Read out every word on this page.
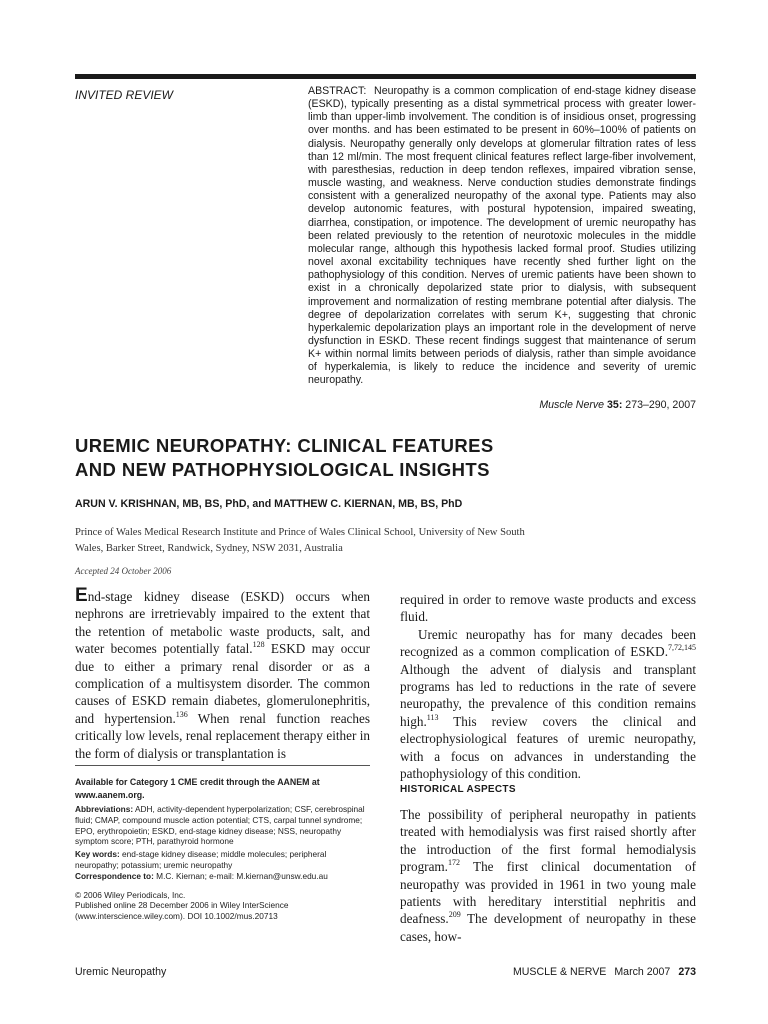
INVITED REVIEW	ABSTRACT: Neuropathy is a common complication of end-stage kidney disease (ESKD), typically presenting as a distal symmetrical process with greater lower-limb than upper-limb involvement. The condition is of insidious onset, progressing over months. and has been estimated to be present in 60%–100% of patients on dialysis. Neuropathy generally only develops at glomerular filtration rates of less than 12 ml/min. The most frequent clinical features reflect large-fiber involvement, with paresthesias, reduction in deep tendon reflexes, impaired vibration sense, muscle wasting, and weakness. Nerve conduction studies demonstrate findings consistent with a generalized neuropathy of the axonal type. Patients may also develop autonomic features, with postural hypotension, impaired sweating, diarrhea, constipation, or impotence. The development of uremic neuropathy has been related previously to the retention of neurotoxic molecules in the middle molecular range, although this hypothesis lacked formal proof. Studies utilizing novel axonal excitability techniques have recently shed further light on the pathophysiology of this condition. Nerves of uremic patients have been shown to exist in a chronically depolarized state prior to dialysis, with subsequent improvement and normalization of resting membrane potential after dialysis. The degree of depolarization correlates with serum K+, suggesting that chronic hyperkalemic depolarization plays an important role in the development of nerve dysfunction in ESKD. These recent findings suggest that maintenance of serum K+ within normal limits between periods of dialysis, rather than simple avoidance of hyperkalemia, is likely to reduce the incidence and severity of uremic neuropathy.
Muscle Nerve 35: 273–290, 2007
UREMIC NEUROPATHY: CLINICAL FEATURES
AND NEW PATHOPHYSIOLOGICAL INSIGHTS
ARUN V. KRISHNAN, MB, BS, PhD, and MATTHEW C. KIERNAN, MB, BS, PhD
Prince of Wales Medical Research Institute and Prince of Wales Clinical School, University of New South Wales, Barker Street, Randwick, Sydney, NSW 2031, Australia
Accepted 24 October 2006

End-stage kidney disease (ESKD) occurs when nephrons are irretrievably impaired to the extent that the retention of metabolic waste products, salt, and water becomes potentially fatal.$^{128}$ ESKD may occur due to either a primary renal disorder or as a complication of a multisystem disorder. The common causes of ESKD remain diabetes, glomerulonephritis, and hypertension.$^{136}$ When renal function reaches critically low levels, renal replacement therapy either in the form of dialysis or transplantation is

required in order to remove waste products and excess fluid.

Uremic neuropathy has for many decades been recognized as a common complication of ESKD.$^{7,72,145}$ Although the advent of dialysis and transplant programs has led to reductions in the rate of severe neuropathy, the prevalence of this condition remains high.$^{113}$ This review covers the clinical and electrophysiological features of uremic neuropathy, with a focus on advances in understanding the pathophysiology of this condition.

HISTORICAL ASPECTS

The possibility of peripheral neuropathy in patients treated with hemodialysis was first raised shortly after the introduction of the first formal hemodialysis program.$^{172}$ The first clinical documentation of neuropathy was provided in 1961 in two young male patients with hereditary interstitial nephritis and deafness.$^{209}$ The development of neuropathy in these cases, how-

Available for Category 1 CME credit through the AANEM at www.aanem.org.
Abbreviations: ADH, activity-dependent hyperpolarization; CSF, cerebrospinal fluid; CMAP, compound muscle action potential; CTS, carpal tunnel syndrome; EPO, erythropoietin; ESKD, end-stage kidney disease; NSS, neuropathy symptom score; PTH, parathyroid hormone
Key words: end-stage kidney disease; middle molecules; peripheral neuropathy; potassium; uremic neuropathy
Correspondence to: M.C. Kiernan; e-mail: M.kiernan@unsw.edu.au
© 2006 Wiley Periodicals, Inc.
Published online 28 December 2006 in Wiley InterScience (www.interscience.wiley.com). DOI 10.1002/mus.20713
Uremic Neuropathy	MUSCLE & NERVE March 2007 273
